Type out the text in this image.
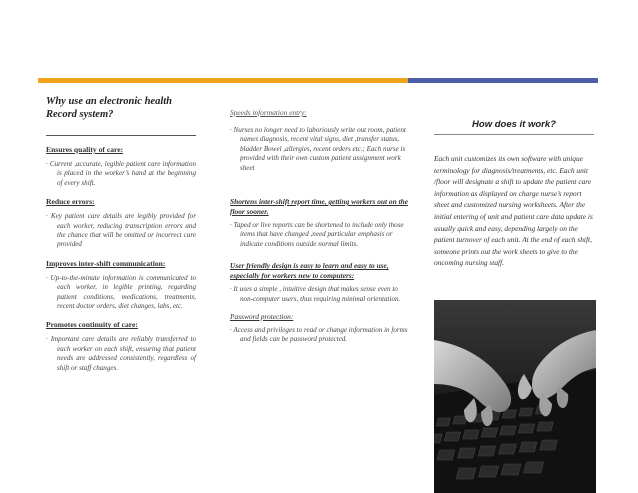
Why use an electronic health Record system?
Ensures quality of care:
· Current ,accurate, legible patient care information is placed in the worker’s hand at the beginning of every shift.
Reduce errors:
· Key patient care details are legibly provided for each worker, reducing transcription errors and the chance that will be omitted or incorrect care provided
Improves inter-shift communication:
· Up-to-the-minute information is communicated to each worker, in legible printing, regarding patient conditions, medications, treatments, recent doctor orders, diet changes, labs, etc.
Promotes continuity of care:
· Important care details are reliably transferred to each worker on each shift, ensuring that patient needs are addressed consistently, regardless of shift or staff changes.
Speeds information entry:
· Nurses no longer need to laboriously write out room, patient names diagnosis, recent vital signs, diet ,transfer status, bladder Bowel ,allergies, recent orders etc.; Each nurse is provided with their own custom patient assignment work sheet
Shortens inter-shift report time, getting workers out on the floor sooner.
· Taped or live reports can be shortened to include only those items that have changed ,need particular emphasis or indicate conditions outside normal limits.
User friendly design is easy to learn and easy to use, especially for workers new to computers:
· It uses a simple , intuitive design that makes sense even to non-computer users, thus requiring minimal orientation.
Password protection:
· Access and privileges to read or change information in forms and fields can be password protected.
How does it work?
Each unit customizes its own software with unique terminology for diagnosis/treatments, etc. Each unit /floor will designate a shift to update the patient care information as displayed on charge nurse’s report sheet and customized nursing worksheets. After the initial entering of unit and patient care data update is usually quick and easy, depending largely on the patient turnover of each unit. At the end of each shift, someone prints out the work sheets to give to the oncoming nursing staff.
